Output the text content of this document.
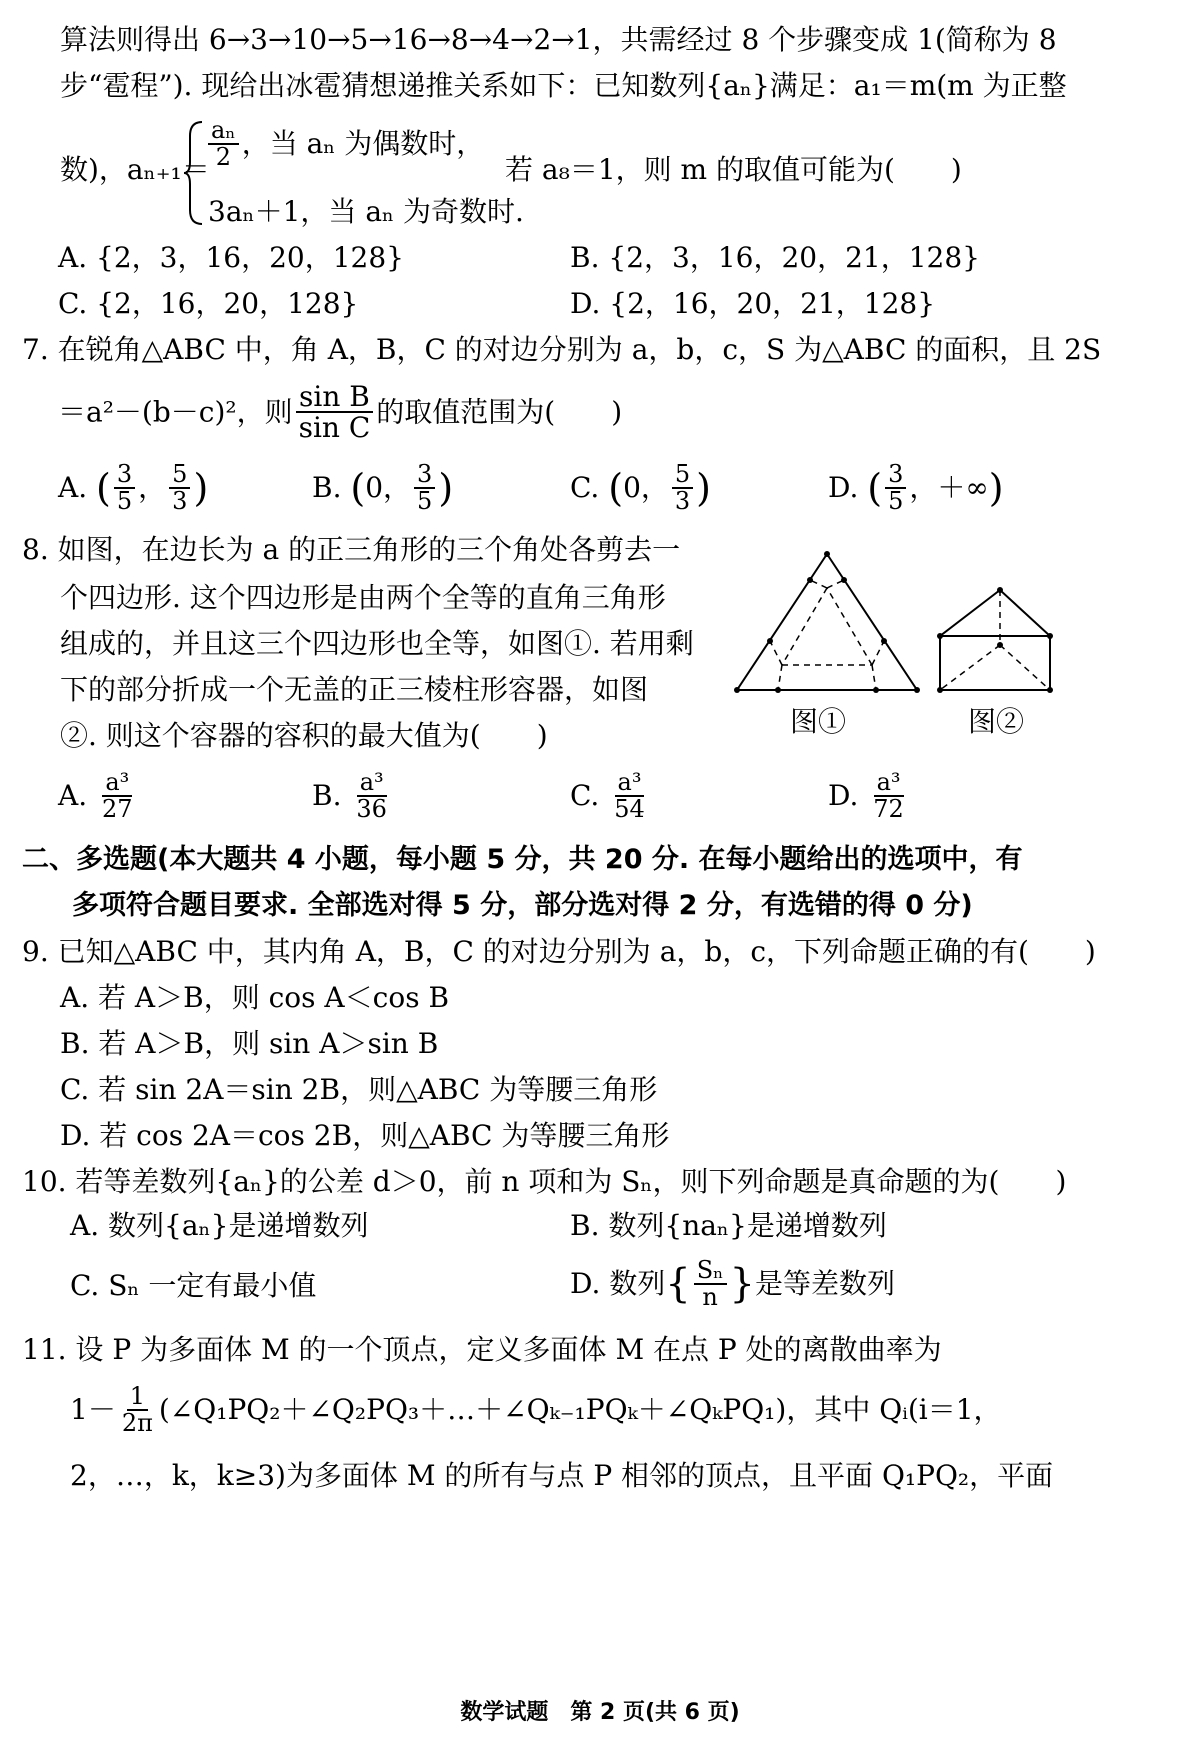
算法则得出 6→3→10→5→16→8→4→2→1，共需经过 8 个步骤变成 1(简称为 8
步“雹程”). 现给出冰雹猜想递推关系如下：已知数列{aₙ}满足：a₁＝m(m 为正整
数)，aₙ₊₁＝
$\frac{\text{aₙ}}{2}$ ，当 aₙ 为偶数时，
3aₙ＋1，当 aₙ 为奇数时.
若 a₈＝1，则 m 的取值可能为(　　)
A. {2，3，16，20，128}	B. {2，3，16，20，21，128}
C. {2，16，20，128}	D. {2，16，20，21，128}
7. 在锐角△ABC 中，角 A，B，C 的对边分别为 a，b，c，S 为△ABC 的面积，且 2S
＝a²－(b－c)²，则 $\frac{\text{sin B}}{\text{sin C}}$ 的取值范围为(　　)
A. ( $\frac{3}{5}$ ， $\frac{5}{3}$ )	B. (0， $\frac{3}{5}$ )	C. (0， $\frac{5}{3}$ )	D. ( $\frac{3}{5}$ ，＋∞)
8. 如图，在边长为 a 的正三角形的三个角处各剪去一
个四边形. 这个四边形是由两个全等的直角三角形
组成的，并且这三个四边形也全等，如图①. 若用剩
下的部分折成一个无盖的正三棱柱形容器，如图
②. 则这个容器的容积的最大值为(　　)	图①	图②
A. $\frac{\text{a³}}{27}$	B. $\frac{\text{a³}}{36}$	C. $\frac{\text{a³}}{54}$	D. $\frac{\text{a³}}{72}$
二、多选题(本大题共 4 小题，每小题 5 分，共 20 分. 在每小题给出的选项中，有
多项符合题目要求. 全部选对得 5 分，部分选对得 2 分，有选错的得 0 分)
9. 已知△ABC 中，其内角 A，B，C 的对边分别为 a，b，c，下列命题正确的有(　　)
A. 若 A＞B，则 cos A＜cos B
B. 若 A＞B，则 sin A＞sin B
C. 若 sin 2A＝sin 2B，则△ABC 为等腰三角形
D. 若 cos 2A＝cos 2B，则△ABC 为等腰三角形
10. 若等差数列{aₙ}的公差 d＞0，前 n 项和为 Sₙ，则下列命题是真命题的为(　　)
A. 数列{aₙ}是递增数列	B. 数列{naₙ}是递增数列
C. Sₙ 一定有最小值	D. 数列{ $\frac{\text{Sₙ}}{n}$ }是等差数列
11. 设 P 为多面体 M 的一个顶点，定义多面体 M 在点 P 处的离散曲率为
$1- \frac{1}{2\pi}$ (∠Q₁PQ₂＋∠Q₂PQ₃＋…＋∠Qₖ₋₁PQₖ＋∠QₖPQ₁)，其中 Qᵢ(i＝1，
2，…，k，k≥3)为多面体 M 的所有与点 P 相邻的顶点，且平面 Q₁PQ₂，平面
数学试题　第 2 页(共 6 页)
